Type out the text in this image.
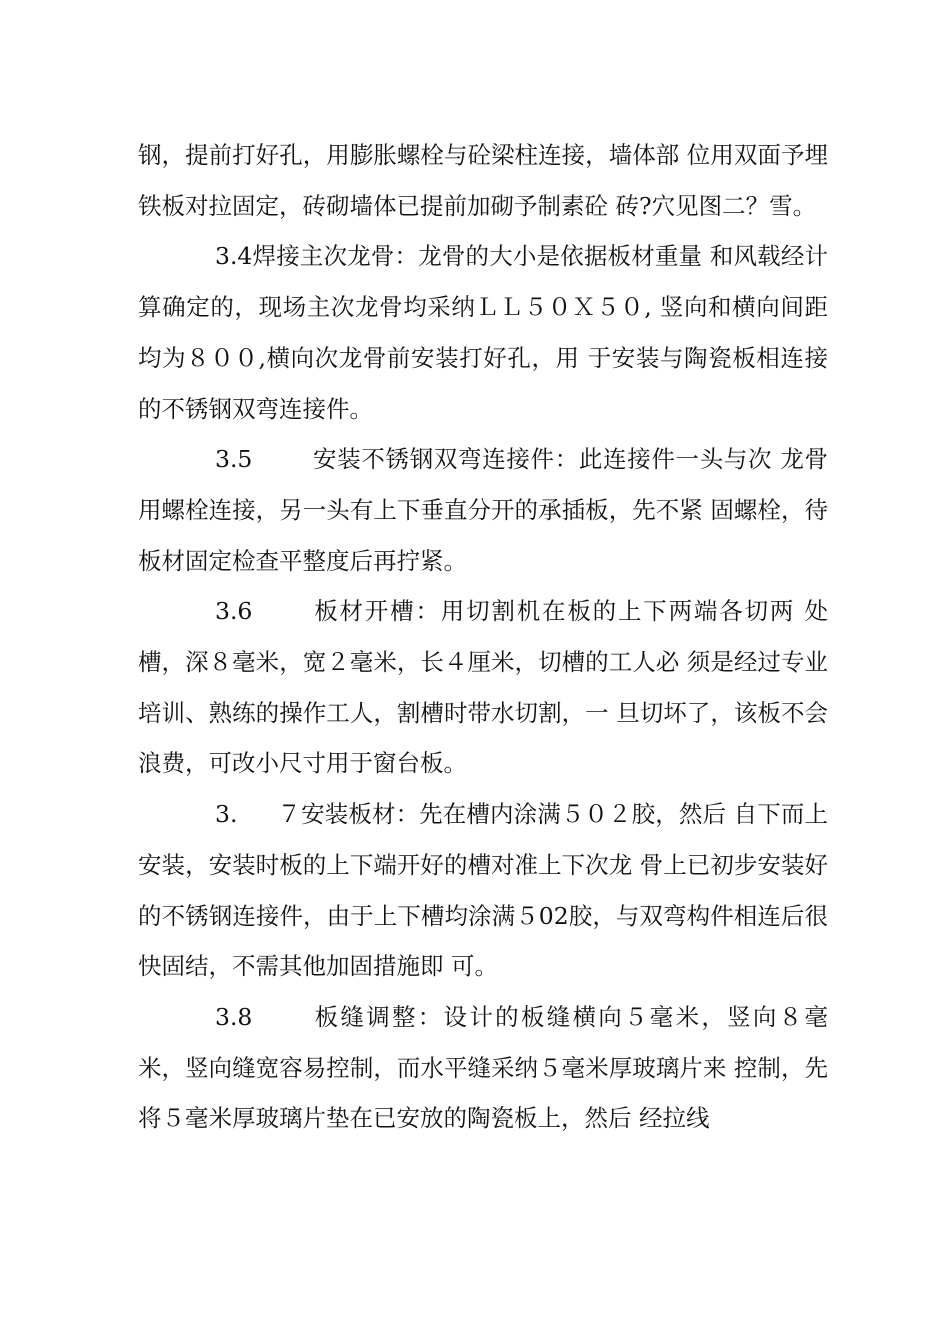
钢，提前打好孔，用膨胀螺栓与砼梁柱连接，墙体部 位用双面予埋铁板对拉固定，砖砌墙体已提前加砌予制素砼 砖?穴见图二？雪。

3.4焊接主次龙骨：龙骨的大小是依据板材重量 和风载经计算确定的，现场主次龙骨均采纳ＬＬ５０Ｘ５０, 竖向和横向间距均为８００,横向次龙骨前安装打好孔，用 于安装与陶瓷板相连接的不锈钢双弯连接件。

3.5	安装不锈钢双弯连接件：此连接件一头与次 龙骨用螺栓连接，另一头有上下垂直分开的承插板，先不紧 固螺栓，待板材固定检查平整度后再拧紧。

3.6	板材开槽：用切割机在板的上下两端各切两 处槽，深８毫米，宽２毫米，长４厘米，切槽的工人必 须是经过专业培训、熟练的操作工人，割槽时带水切割，一 旦切坏了，该板不会浪费，可改小尺寸用于窗台板。

3. ７安装板材：先在槽内涂满５０２胶，然后 自下而上安装，安装时板的上下端开好的槽对准上下次龙 骨上已初步安装好的不锈钢连接件，由于上下槽均涂满５02胶，与双弯构件相连后很快固结，不需其他加固措施即 可。

3.8	板缝调整：设计的板缝横向５毫米，竖向８毫米，竖向缝宽容易控制，而水平缝采纳５毫米厚玻璃片来 控制，先将５毫米厚玻璃片垫在已安放的陶瓷板上，然后 经拉线
